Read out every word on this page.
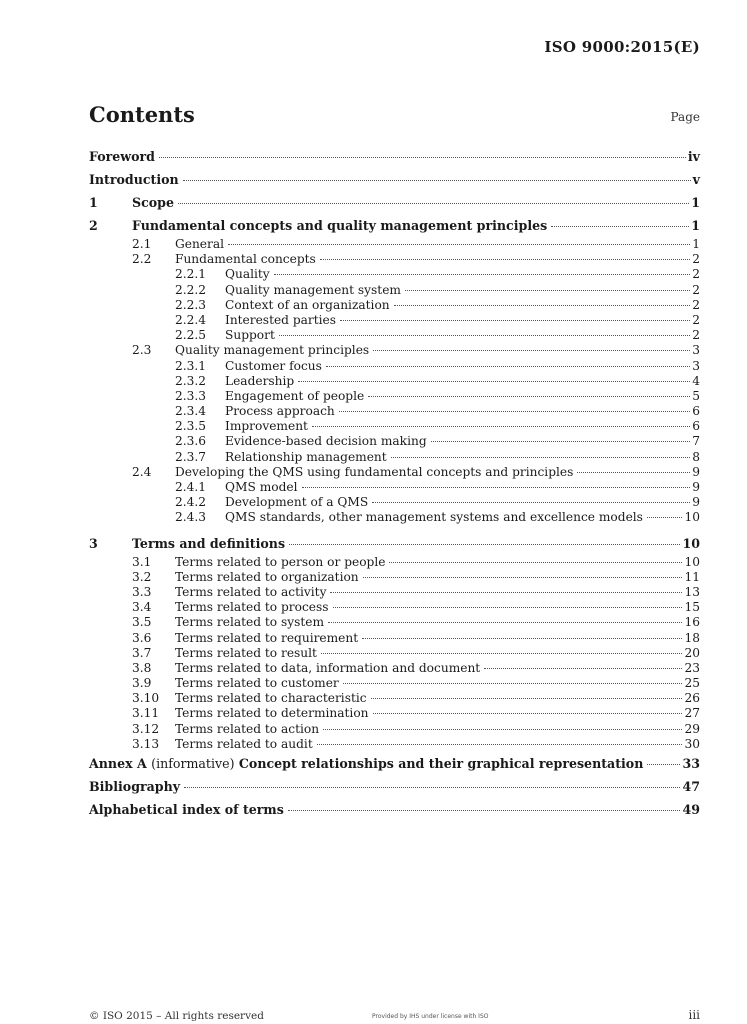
ISO 9000:2015(E)
Contents	Page
Foreword	iv
Introduction	v
1	Scope	1
2	Fundamental concepts and quality management principles	1
2.1	General	1
2.2	Fundamental concepts	2
2.2.1	Quality	2
2.2.2	Quality management system	2
2.2.3	Context of an organization	2
2.2.4	Interested parties	2
2.2.5	Support	2
2.3	Quality management principles	3
2.3.1	Customer focus	3
2.3.2	Leadership	4
2.3.3	Engagement of people	5
2.3.4	Process approach	6
2.3.5	Improvement	6
2.3.6	Evidence-based decision making	7
2.3.7	Relationship management	8
2.4	Developing the QMS using fundamental concepts and principles	9
2.4.1	QMS model	9
2.4.2	Development of a QMS	9
2.4.3	QMS standards, other management systems and excellence models	10
3	Terms and definitions	10
3.1	Terms related to person or people	10
3.2	Terms related to organization	11
3.3	Terms related to activity	13
3.4	Terms related to process	15
3.5	Terms related to system	16
3.6	Terms related to requirement	18
3.7	Terms related to result	20
3.8	Terms related to data, information and document	23
3.9	Terms related to customer	25
3.10	Terms related to characteristic	26
3.11	Terms related to determination	27
3.12	Terms related to action	29
3.13	Terms related to audit	30
Annex A (informative) Concept relationships and their graphical representation	33
Bibliography	47
Alphabetical index of terms	49
© ISO 2015 – All rights reserved	Provided by IHS under license with ISO	iii
